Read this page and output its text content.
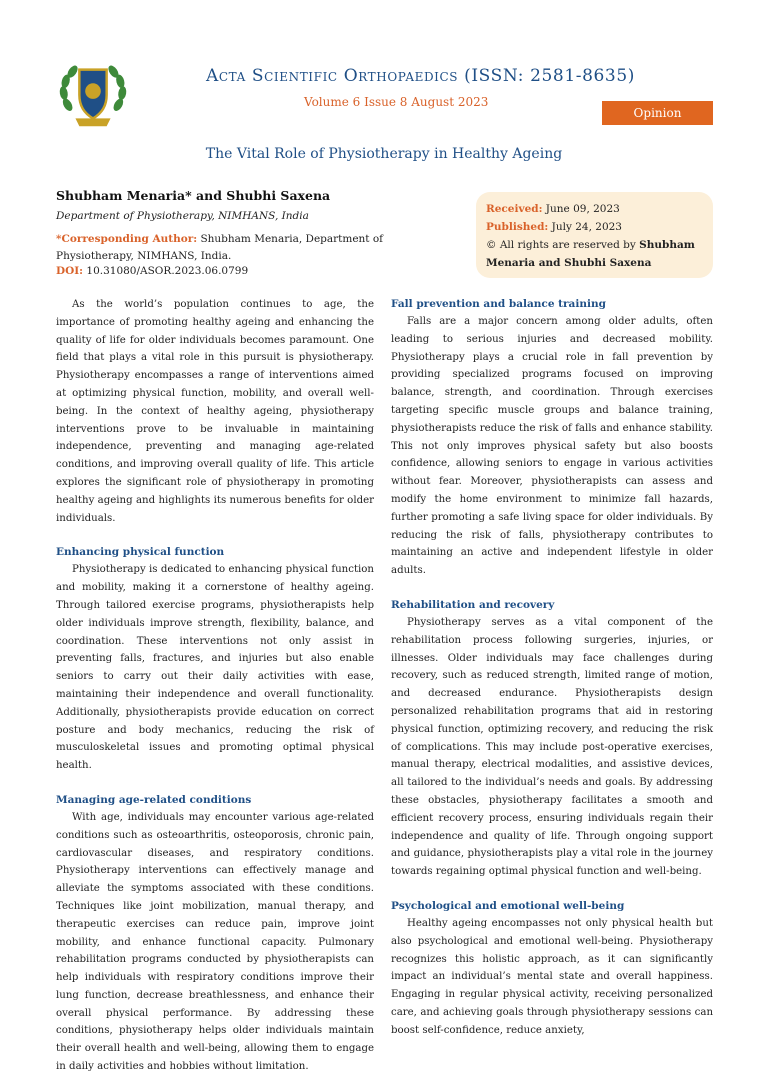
Acta Scientific Orthopaedics (ISSN: 2581-8635)
Volume 6 Issue 8 August 2023
Opinion
The Vital Role of Physiotherapy in Healthy Ageing
Shubham Menaria* and Shubhi Saxena
Department of Physiotherapy, NIMHANS, India
*Corresponding Author: Shubham Menaria, Department of Physiotherapy, NIMHANS, India.
DOI: 10.31080/ASOR.2023.06.0799
Received: June 09, 2023
Published: July 24, 2023
© All rights are reserved by Shubham Menaria and Shubhi Saxena

As the world’s population continues to age, the importance of promoting healthy ageing and enhancing the quality of life for older individuals becomes paramount. One field that plays a vital role in this pursuit is physiotherapy. Physiotherapy encompasses a range of interventions aimed at optimizing physical function, mobility, and overall well-being. In the context of healthy ageing, physiotherapy interventions prove to be invaluable in maintaining independence, preventing and managing age-related conditions, and improving overall quality of life. This article explores the significant role of physiotherapy in promoting healthy ageing and highlights its numerous benefits for older individuals.

Enhancing physical function

Physiotherapy is dedicated to enhancing physical function and mobility, making it a cornerstone of healthy ageing. Through tailored exercise programs, physiotherapists help older individuals improve strength, flexibility, balance, and coordination. These interventions not only assist in preventing falls, fractures, and injuries but also enable seniors to carry out their daily activities with ease, maintaining their independence and overall functionality. Additionally, physiotherapists provide education on correct posture and body mechanics, reducing the risk of musculoskeletal issues and promoting optimal physical health.

Managing age-related conditions

With age, individuals may encounter various age-related conditions such as osteoarthritis, osteoporosis, chronic pain, cardiovascular diseases, and respiratory conditions. Physiotherapy interventions can effectively manage and alleviate the symptoms associated with these conditions. Techniques like joint mobilization, manual therapy, and therapeutic exercises can reduce pain, improve joint mobility, and enhance functional capacity. Pulmonary rehabilitation programs conducted by physiotherapists can help individuals with respiratory conditions improve their lung function, decrease breathlessness, and enhance their overall physical performance. By addressing these conditions, physiotherapy helps older individuals maintain their overall health and well-being, allowing them to engage in daily activities and hobbies without limitation.

Fall prevention and balance training

Falls are a major concern among older adults, often leading to serious injuries and decreased mobility. Physiotherapy plays a crucial role in fall prevention by providing specialized programs focused on improving balance, strength, and coordination. Through exercises targeting specific muscle groups and balance training, physiotherapists reduce the risk of falls and enhance stability. This not only improves physical safety but also boosts confidence, allowing seniors to engage in various activities without fear. Moreover, physiotherapists can assess and modify the home environment to minimize fall hazards, further promoting a safe living space for older individuals. By reducing the risk of falls, physiotherapy contributes to maintaining an active and independent lifestyle in older adults.

Rehabilitation and recovery

Physiotherapy serves as a vital component of the rehabilitation process following surgeries, injuries, or illnesses. Older individuals may face challenges during recovery, such as reduced strength, limited range of motion, and decreased endurance. Physiotherapists design personalized rehabilitation programs that aid in restoring physical function, optimizing recovery, and reducing the risk of complications. This may include post-operative exercises, manual therapy, electrical modalities, and assistive devices, all tailored to the individual’s needs and goals. By addressing these obstacles, physiotherapy facilitates a smooth and efficient recovery process, ensuring individuals regain their independence and quality of life. Through ongoing support and guidance, physiotherapists play a vital role in the journey towards regaining optimal physical function and well-being.

Psychological and emotional well-being

Healthy ageing encompasses not only physical health but also psychological and emotional well-being. Physiotherapy recognizes this holistic approach, as it can significantly impact an individual’s mental state and overall happiness. Engaging in regular physical activity, receiving personalized care, and achieving goals through physiotherapy sessions can boost self-confidence, reduce anxiety,
